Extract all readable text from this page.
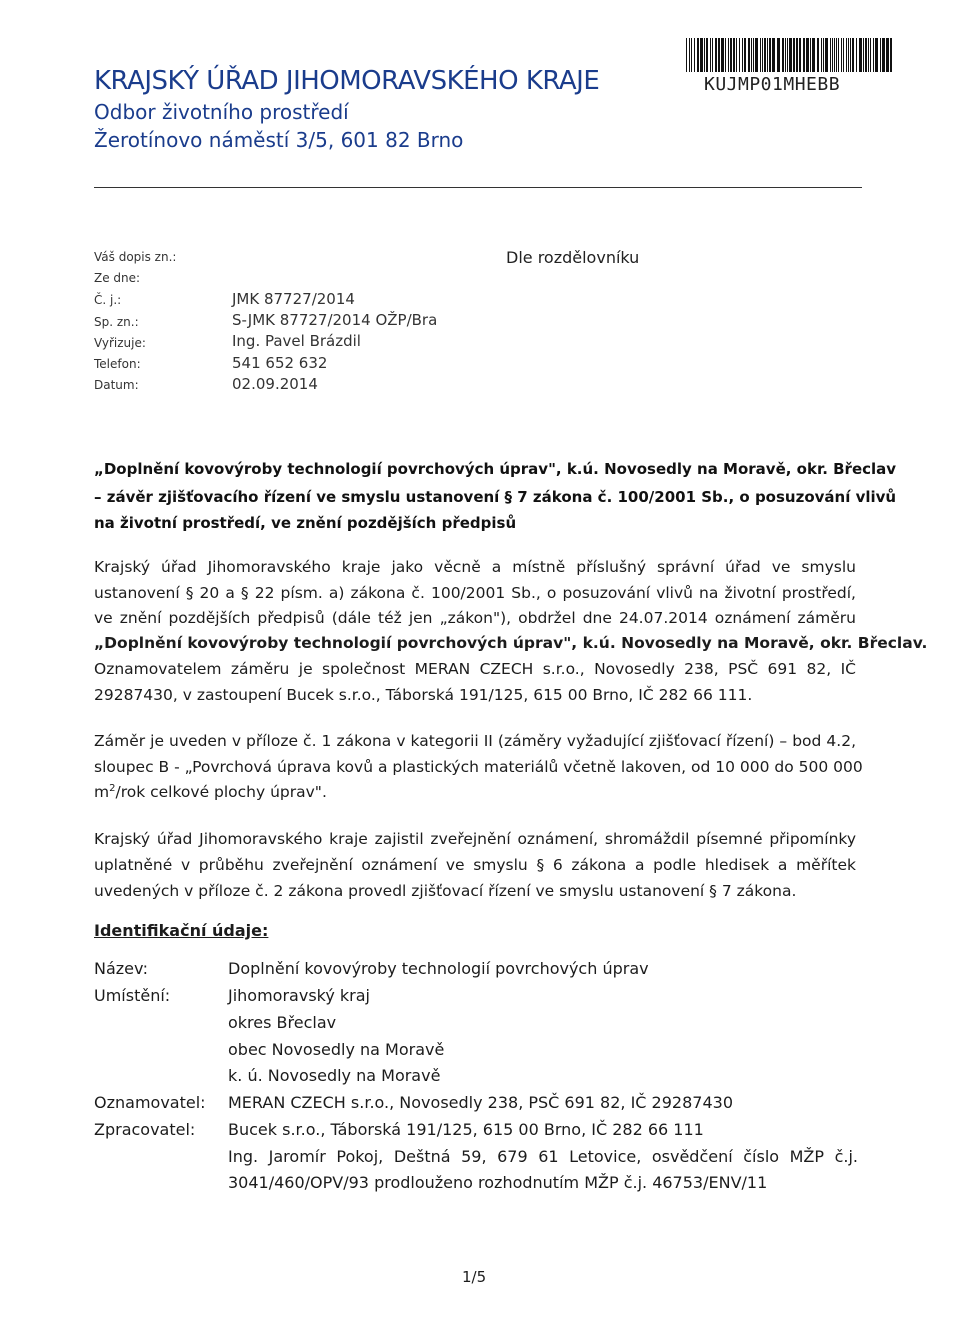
KRAJSKÝ ÚŘAD JIHOMORAVSKÉHO KRAJE
Odbor životního prostředí
Žerotínovo náměstí 3/5, 601 82 Brno
KUJMP01MHEBB
Váš dopis zn.:
Ze dne:
Č. j.:
Sp. zn.:
Vyřizuje:
Telefon:
Datum:
JMK 87727/2014
S-JMK 87727/2014 OŽP/Bra
Ing. Pavel Brázdil
541 652 632
02.09.2014
Dle rozdělovníku
„Doplnění kovovýroby technologií povrchových úprav", k.ú. Novosedly na Moravě, okr. Břeclav
– závěr zjišťovacího řízení ve smyslu ustanovení § 7 zákona č. 100/2001 Sb., o posuzování vlivů
na životní prostředí, ve znění pozdějších předpisů
Krajský úřad Jihomoravského kraje jako věcně a místně příslušný správní úřad ve smyslu
ustanovení § 20 a § 22 písm. a) zákona č. 100/2001 Sb., o posuzování vlivů na životní prostředí,
ve znění pozdějších předpisů (dále též jen „zákon"), obdržel dne 24.07.2014 oznámení záměru
„Doplnění kovovýroby technologií povrchových úprav", k.ú. Novosedly na Moravě, okr. Břeclav.
Oznamovatelem záměru je společnost MERAN CZECH s.r.o., Novosedly 238, PSČ 691 82, IČ
29287430, v zastoupení Bucek s.r.o., Táborská 191/125, 615 00 Brno, IČ 282 66 111.
Záměr je uveden v příloze č. 1 zákona v kategorii II (záměry vyžadující zjišťovací řízení) – bod 4.2,
sloupec B - „Povrchová úprava kovů a plastických materiálů včetně lakoven, od 10 000 do 500 000
$m^2$/rok celkové plochy úprav".
Krajský úřad Jihomoravského kraje zajistil zveřejnění oznámení, shromáždil písemné připomínky
uplatněné v průběhu zveřejnění oznámení ve smyslu § 6 zákona a podle hledisek a měřítek
uvedených v příloze č. 2 zákona provedl zjišťovací řízení ve smyslu ustanovení § 7 zákona.
Identifikační údaje:
Název:	Doplnění kovovýroby technologií povrchových úprav
Umístění:	Jihomoravský kraj
okres Břeclav
obec Novosedly na Moravě
k. ú. Novosedly na Moravě
Oznamovatel: MERAN CZECH s.r.o., Novosedly 238, PSČ 691 82, IČ 29287430
Zpracovatel: Bucek s.r.o., Táborská 191/125, 615 00 Brno, IČ 282 66 111
Ing. Jaromír Pokoj, Deštná 59, 679 61 Letovice, osvědčení číslo MŽP č.j.
3041/460/OPV/93 prodlouženo rozhodnutím MŽP č.j. 46753/ENV/11
1/5
